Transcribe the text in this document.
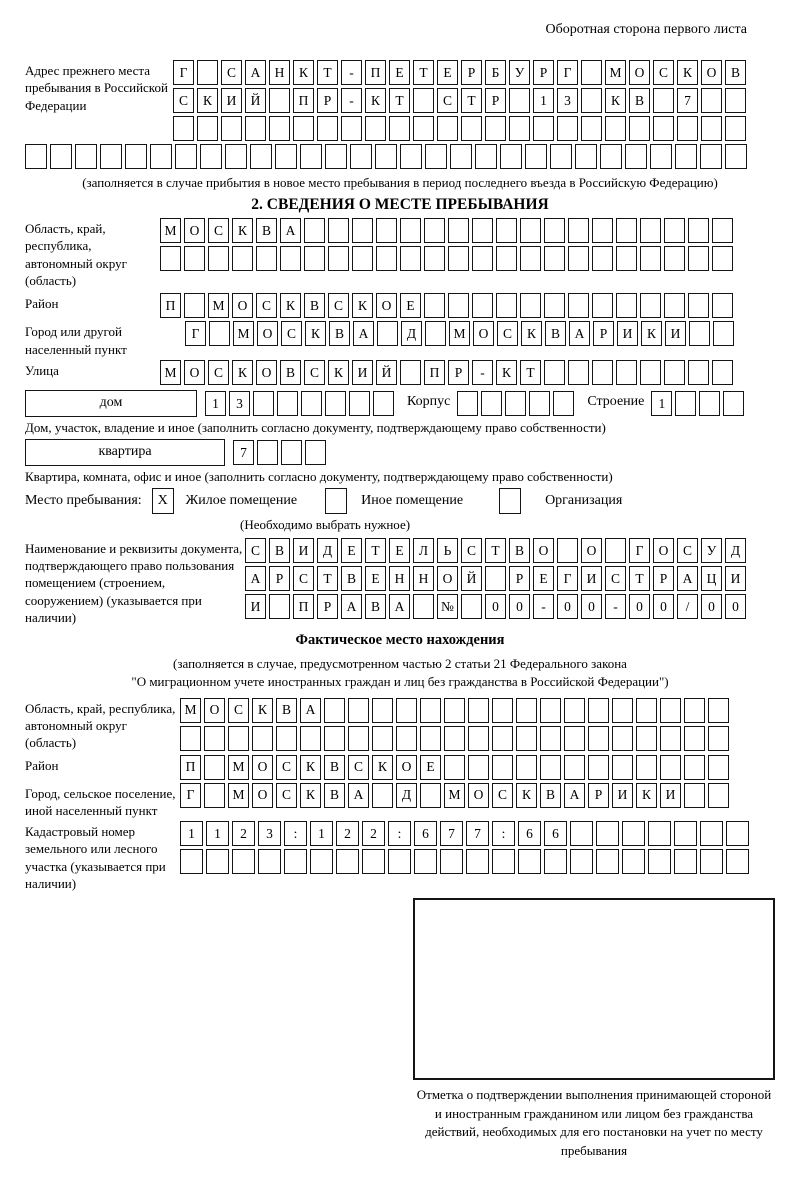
Оборотная сторона первого листа
Адрес прежнего места пребывания в Российской Федерации
Г	С	А	Н	К	Т	-	П	Е	Т	Е	Р	Б	У	Р	Г	М О	С	К	О	В
С	К	И	Й	П	Р	-	К	Т	С	Т	Р	1	3	К	В	7
(заполняется в случае прибытия в новое место пребывания в период последнего въезда в Российскую Федерацию)
2. СВЕДЕНИЯ О МЕСТЕ ПРЕБЫВАНИЯ
Область, край, республика, автономный округ (область)
М О	С	К	В	А
Район	П	М О	С	К	В	С	К	О	Е
Город или другой населенный пункт
Г	М О	С	К	В	А	Д	М О	С	К	В	А	Р	И	К	И
Улица	М О	С	К	О	В	С	К	И	Й	П	Р	-	К	Т
дом	1	3	Корпус	Строение	1
Дом, участок, владение и иное (заполнить согласно документу, подтверждающему право собственности)
квартира	7
Квартира, комната, офис и иное (заполнить согласно документу, подтверждающему право собственности)
Место пребывания:	X	Жилое помещение	Иное помещение	Организация
(Необходимо выбрать нужное)
Наименование и реквизиты документа, подтверждающего право пользования помещением (строением, сооружением) (указывается при наличии)
С	В	И	Д	Е	Т	Е	Л	Ь	С	Т	В	О	О	Г	О	С	У	Д
А	Р	С	Т	В	Е	Н	Н	О	Й	Р	Е	Г	И	С	Т	Р	А	Ц	И
И	П	Р	А	В	А	№	0	0	-	0	0	-	0	0	/	0	0
Фактическое место нахождения
(заполняется в случае, предусмотренном частью 2 статьи 21 Федерального закона
"О миграционном учете иностранных граждан и лиц без гражданства в Российской Федерации")
Область, край, республика, автономный округ (область)
М О	С	К	В	А
Район	П	М О	С	К	В	С	К	О	Е
Город, сельское поселение, иной населенный пункт
Г	М О	С	К	В	А	Д	М О	С	К	В	А	Р	И	К	И
Кадастровый номер земельного или лесного участка (указывается при наличии)
1	1	2	3	:	1	2	2	:	6	7	7	:	6	6
Отметка о подтверждении выполнения принимающей стороной и иностранным гражданином или лицом без гражданства действий, необходимых для его постановки на учет по месту пребывания
